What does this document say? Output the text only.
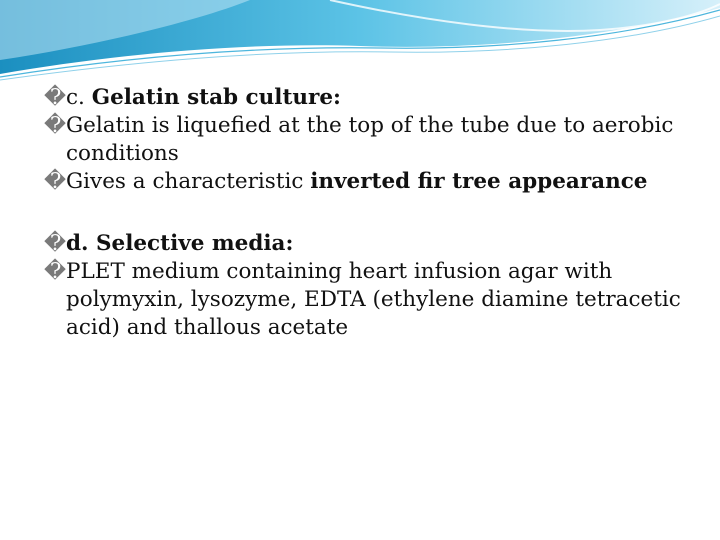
� c. Gelatin stab culture:

� Gelatin is liquefied at the top of the tube due to aerobic conditions

� Gives a characteristic inverted fir tree appearance

� d. Selective media:

� PLET medium containing heart infusion agar with polymyxin, lysozyme, EDTA (ethylene diamine tetracetic acid) and thallous acetate
